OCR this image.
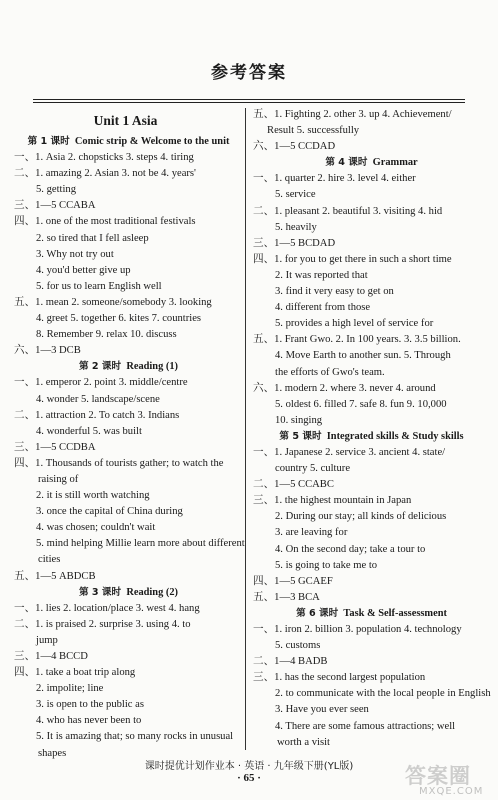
参考答案
Unit 1 Asia
第 1 课时 Comic strip & Welcome to the unit
一、1. Asia 2. chopsticks 3. steps 4. tiring
二、1. amazing 2. Asian 3. not be 4. years'
5. getting
三、1—5 CCABA
四、1. one of the most traditional festivals
2. so tired that I fell asleep
3. Why not try out
4. you'd better give up
5. for us to learn English well
五、1. mean 2. someone/somebody 3. looking
4. greet 5. together 6. kites 7. countries
8. Remember 9. relax 10. discuss
六、1—3 DCB
第 2 课时 Reading (1)
一、1. emperor 2. point 3. middle/centre
4. wonder 5. landscape/scene
二、1. attraction 2. To catch 3. Indians
4. wonderful 5. was built
三、1—5 CCDBA
四、1. Thousands of tourists gather; to watch the
raising of
2. it is still worth watching
3. once the capital of China during
4. was chosen; couldn't wait
5. mind helping Millie learn more about different
cities
五、1—5 ABDCB
第 3 课时 Reading (2)
一、1. lies 2. location/place 3. west 4. hang
二、1. is praised 2. surprise 3. using 4. to
jump
三、1—4 BCCD
四、1. take a boat trip along
2. impolite; line
3. is open to the public as
4. who has never been to
5. It is amazing that; so many rocks in unusual
shapes
五、1. Fighting 2. other 3. up 4. Achievement/
Result 5. successfully
六、1—5 CCDAD
第 4 课时 Grammar
一、1. quarter 2. hire 3. level 4. either
5. service
二、1. pleasant 2. beautiful 3. visiting 4. hid
5. heavily
三、1—5 BCDAD
四、1. for you to get there in such a short time
2. It was reported that
3. find it very easy to get on
4. different from those
5. provides a high level of service for
五、1. Frant Gwo. 2. In 100 years. 3. 3.5 billion.
4. Move Earth to another sun. 5. Through
the efforts of Gwo's team.
六、1. modern 2. where 3. never 4. around
5. oldest 6. filled 7. safe 8. fun 9. 10,000
10. singing
第 5 课时 Integrated skills & Study skills
一、1. Japanese 2. service 3. ancient 4. state/
country 5. culture
二、1—5 CCABC
三、1. the highest mountain in Japan
2. During our stay; all kinds of delicious
3. are leaving for
4. On the second day; take a tour to
5. is going to take me to
四、1—5 GCAEF
五、1—3 BCA
第 6 课时 Task & Self-assessment
一、1. iron 2. billion 3. population 4. technology
5. customs
二、1—4 BADB
三、1. has the second largest population
2. to communicate with the local people in English
3. Have you ever seen
4. There are some famous attractions; well
worth a visit
课时提优计划作业本 · 英语 · 九年级下册(YL版)
· 65 ·	答案圈
MXQE.COM
